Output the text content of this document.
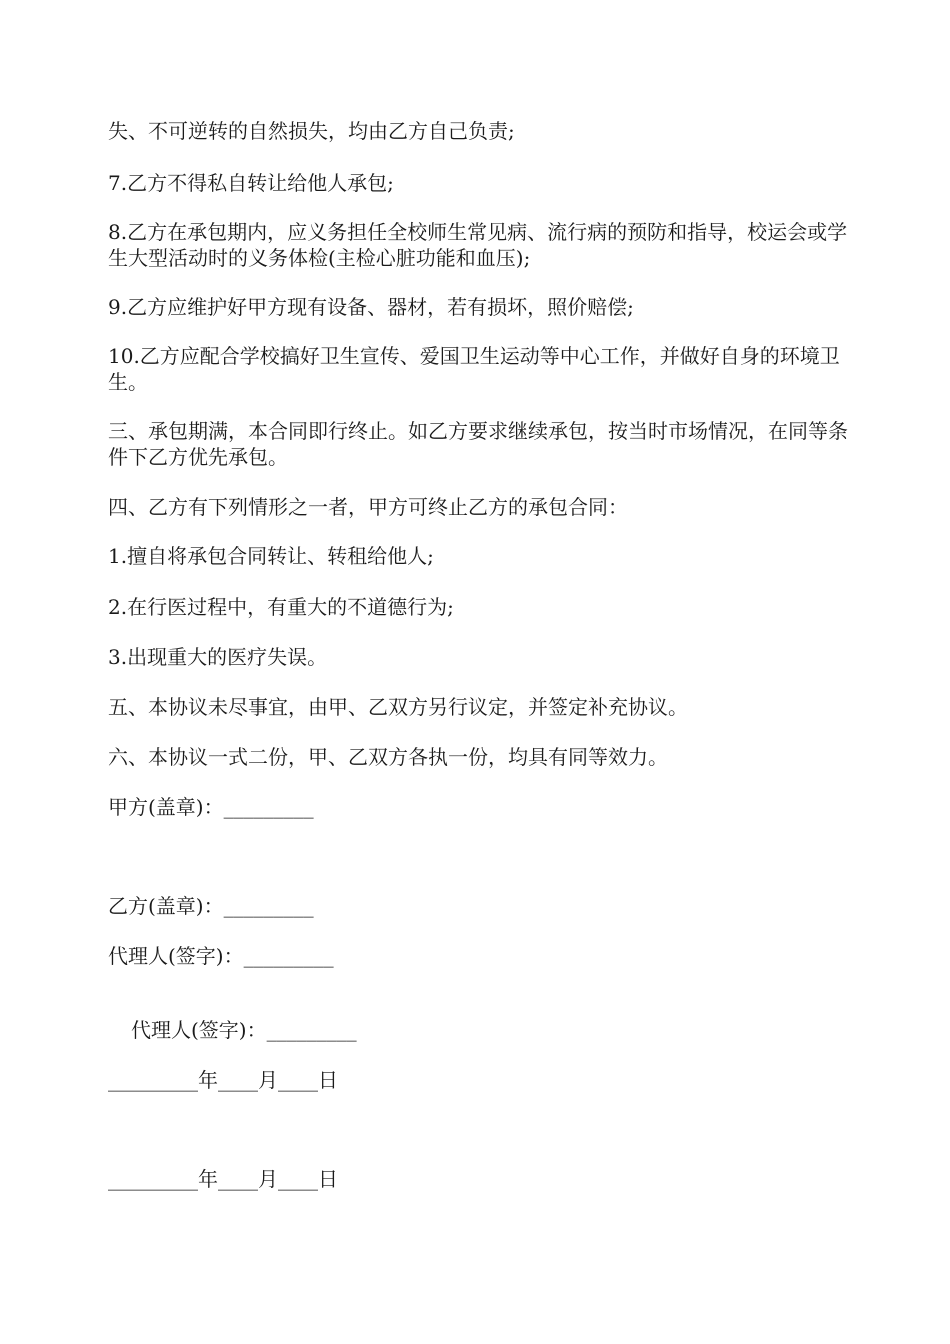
失、不可逆转的自然损失，均由乙方自己负责;

7.乙方不得私自转让给他人承包;

8.乙方在承包期内，应义务担任全校师生常见病、流行病的预防和指导，校运会或学生大型活动时的义务体检(主检心脏功能和血压);

9.乙方应维护好甲方现有设备、器材，若有损坏，照价赔偿;

10.乙方应配合学校搞好卫生宣传、爱国卫生运动等中心工作，并做好自身的环境卫生。

三、承包期满，本合同即行终止。如乙方要求继续承包，按当时市场情况，在同等条件下乙方优先承包。

四、乙方有下列情形之一者，甲方可终止乙方的承包合同：

1.擅自将承包合同转让、转租给他人;

2.在行医过程中，有重大的不道德行为;

3.出现重大的医疗失误。

五、本协议未尽事宜，由甲、乙双方另行议定，并签定补充协议。

六、本协议一式二份，甲、乙双方各执一份，均具有同等效力。

甲方(盖章)：_________

乙方(盖章)：_________

代理人(签字)：_________

代理人(签字)：_________

_________年____月____日

_________年____月____日
